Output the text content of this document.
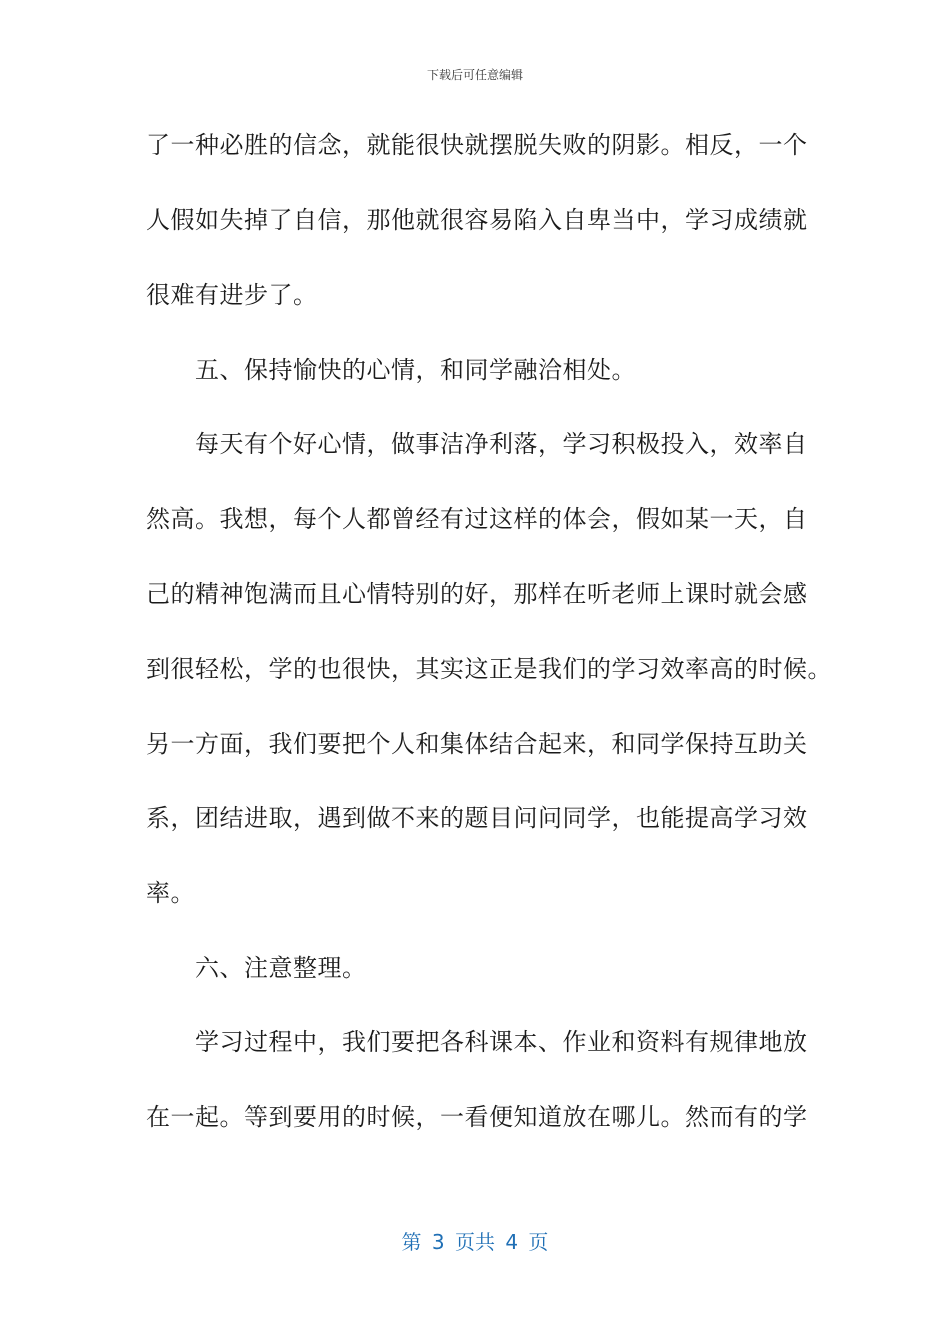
下载后可任意编辑
了一种必胜的信念，就能很快就摆脱失败的阴影。相反，一个
人假如失掉了自信，那他就很容易陷入自卑当中，学习成绩就
很难有进步了。
　　五、保持愉快的心情，和同学融洽相处。
　　每天有个好心情，做事洁净利落，学习积极投入，效率自
然高。我想，每个人都曾经有过这样的体会，假如某一天，自
己的精神饱满而且心情特别的好，那样在听老师上课时就会感
到很轻松，学的也很快，其实这正是我们的学习效率高的时候。
另一方面，我们要把个人和集体结合起来，和同学保持互助关
系，团结进取，遇到做不来的题目问问同学，也能提高学习效
率。
　　六、注意整理。
　　学习过程中，我们要把各科课本、作业和资料有规律地放
在一起。等到要用的时候，一看便知道放在哪儿。然而有的学
第 3 页共 4 页
